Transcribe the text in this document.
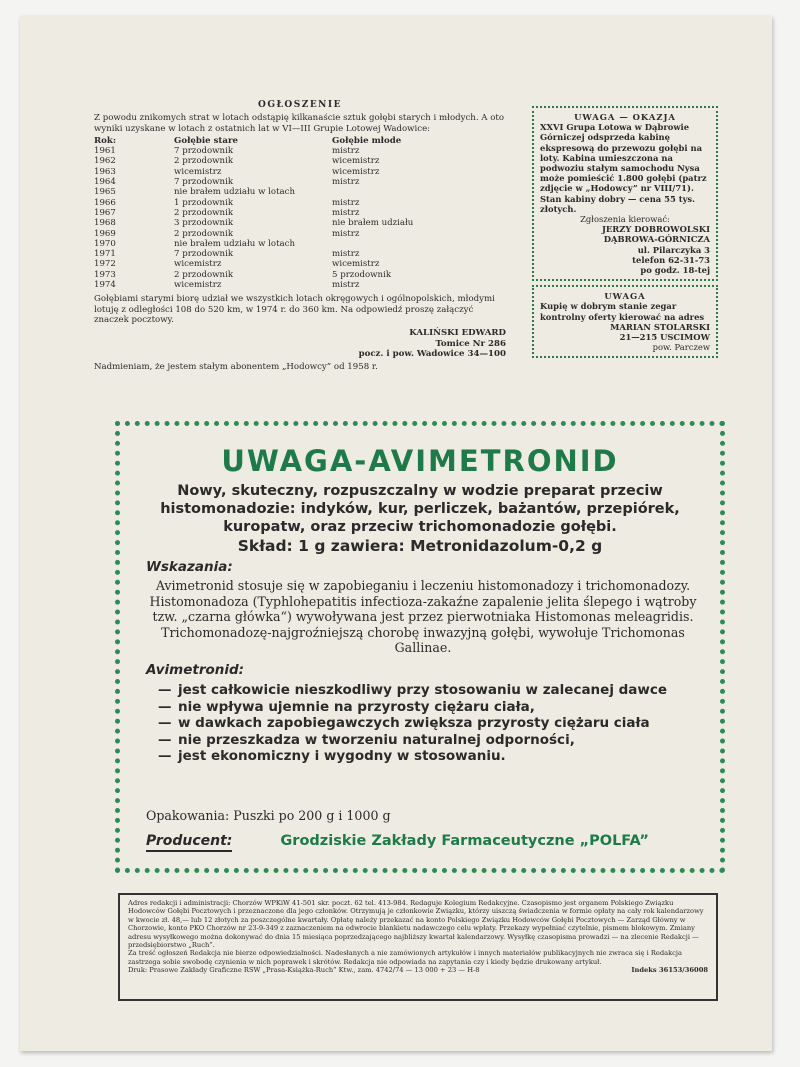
OGŁOSZENIE
Z powodu znikomych strat w lotach odstąpię kilkanaście sztuk gołębi starych i młodych. A oto wyniki uzyskane w lotach z ostatnich lat w VI—III Grupie Lotowej Wadowice:
Rok:	Gołębie stare	Gołębie młode
1961	7 przodownik	mistrz
1962	2 przodownik	wicemistrz
1963	wicemistrz	wicemistrz
1964	7 przodownik	mistrz
1965	nie brałem udziału w lotach
1966	1 przodownik	mistrz
1967	2 przodownik	mistrz
1968	3 przodownik	nie brałem udziału
1969	2 przodownik	mistrz
1970	nie brałem udziału w lotach
1971	7 przodownik	mistrz
1972	wicemistrz	wicemistrz
1973	2 przodownik	5 przodownik
1974	wicemistrz	mistrz
Gołębiami starymi biorę udział we wszystkich lotach okręgowych i ogólnopolskich, młodymi lotuję z odległości 108 do 520 km, w 1974 r. do 360 km. Na odpowiedź proszę załączyć znaczek pocztowy.
KALIŃSKI EDWARD
Tomice Nr 286
pocz. i pow. Wadowice 34—100
Nadmieniam, że jestem stałym abonentem „Hodowcy” od 1958 r.
UWAGA — OKAZJA
XXVI Grupa Lotowa w Dąbrowie Górniczej odsprzeda kabinę ekspresową do przewozu gołębi na loty. Kabina umieszczona na podwoziu stałym samochodu Nysa może pomieścić 1.800 gołębi (patrz zdjęcie w „Hodowcy” nr VIII/71). Stan kabiny dobry — cena 55 tys. złotych.
Zgłoszenia kierować:
JERZY DOBROWOLSKI
DĄBROWA-GÓRNICZA
ul. Pilarczyka 3
telefon 62-31-73
po godz. 18-tej
UWAGA
Kupię w dobrym stanie zegar kontrolny oferty kierować na adres
MARIAN STOLARSKI
21—215 USCIMOW
pow. Parczew
UWAGA-AVIMETRONID
Nowy, skuteczny, rozpuszczalny w wodzie preparat przeciw histomonadozie: indyków, kur, perliczek, bażantów, przepiórek, kuropatw, oraz przeciw trichomonadozie gołębi.
Skład: 1 g zawiera: Metronidazolum-0,2 g
Wskazania:
Avimetronid stosuje się w zapobieganiu i leczeniu histomonadozy i trichomonadozy. Histomonadoza (Typhlohepatitis infectioza-zakaźne zapalenie jelita ślepego i wątroby tzw. „czarna główka“) wywoływana jest przez pierwotniaka Histomonas meleagridis. Trichomonadozę-najgroźniejszą chorobę inwazyjną gołębi, wywołuje Trichomonas Gallinae.
Avimetronid:
— jest całkowicie nieszkodliwy przy stosowaniu w zalecanej dawce
— nie wpływa ujemnie na przyrosty ciężaru ciała,
— w dawkach zapobiegawczych zwiększa przyrosty ciężaru ciała
— nie przeszkadza w tworzeniu naturalnej odporności,
— jest ekonomiczny i wygodny w stosowaniu.
Opakowania: Puszki po 200 g i 1000 g
Producent:	Grodziskie Zakłady Farmaceutyczne „POLFA”
Adres redakcji i administracji: Chorzów WPKiW 41-501 skr. poczt. 62 tel. 413-984. Redaguje Kolegium Redakcyjne. Czasopismo jest organem Polskiego Związku Hodowców Gołębi Pocztowych i przeznaczone dla jego członków. Otrzymują je członkowie Związku, którzy uiszczą świadczenia w formie opłaty na cały rok kalendarzowy w kwocie zł. 48,— lub 12 złotych za poszczególne kwartały. Opłatę należy przekazać na konto Polskiego Związku Hodowców Gołębi Pocztowych — Zarząd Główny w Chorzowie, konto PKO Chorzów nr 23-9-349 z zaznaczeniem na odwrocie blankietu nadawczego celu wpłaty. Przekazy wypełniać czytelnie, pismem blokowym. Zmiany adresu wysyłkowego można dokonywać do dnia 15 miesiąca poprzedzającego najbliższy kwartał kalendarzowy. Wysyłkę czasopisma prowadzi — na zlecenie Redakcji — przedsiębiorstwo „Ruch”.
Za treść ogłoszeń Redakcja nie bierze odpowiedzialności. Nadesłanych a nie zamówionych artykułów i innych materiałów publikacyjnych nie zwraca się i Redakcja zastrzega sobie swobodę czynienia w nich poprawek i skrótów. Redakcja nie odpowiada na zapytania czy i kiedy będzie drukowany artykuł.
Druk: Prasowe Zakłady Graficzne RSW „Prasa-Książka-Ruch” Ktw., zam. 4742/74 — 13 000 + 23 — H-8	Indeks 36153/36008
